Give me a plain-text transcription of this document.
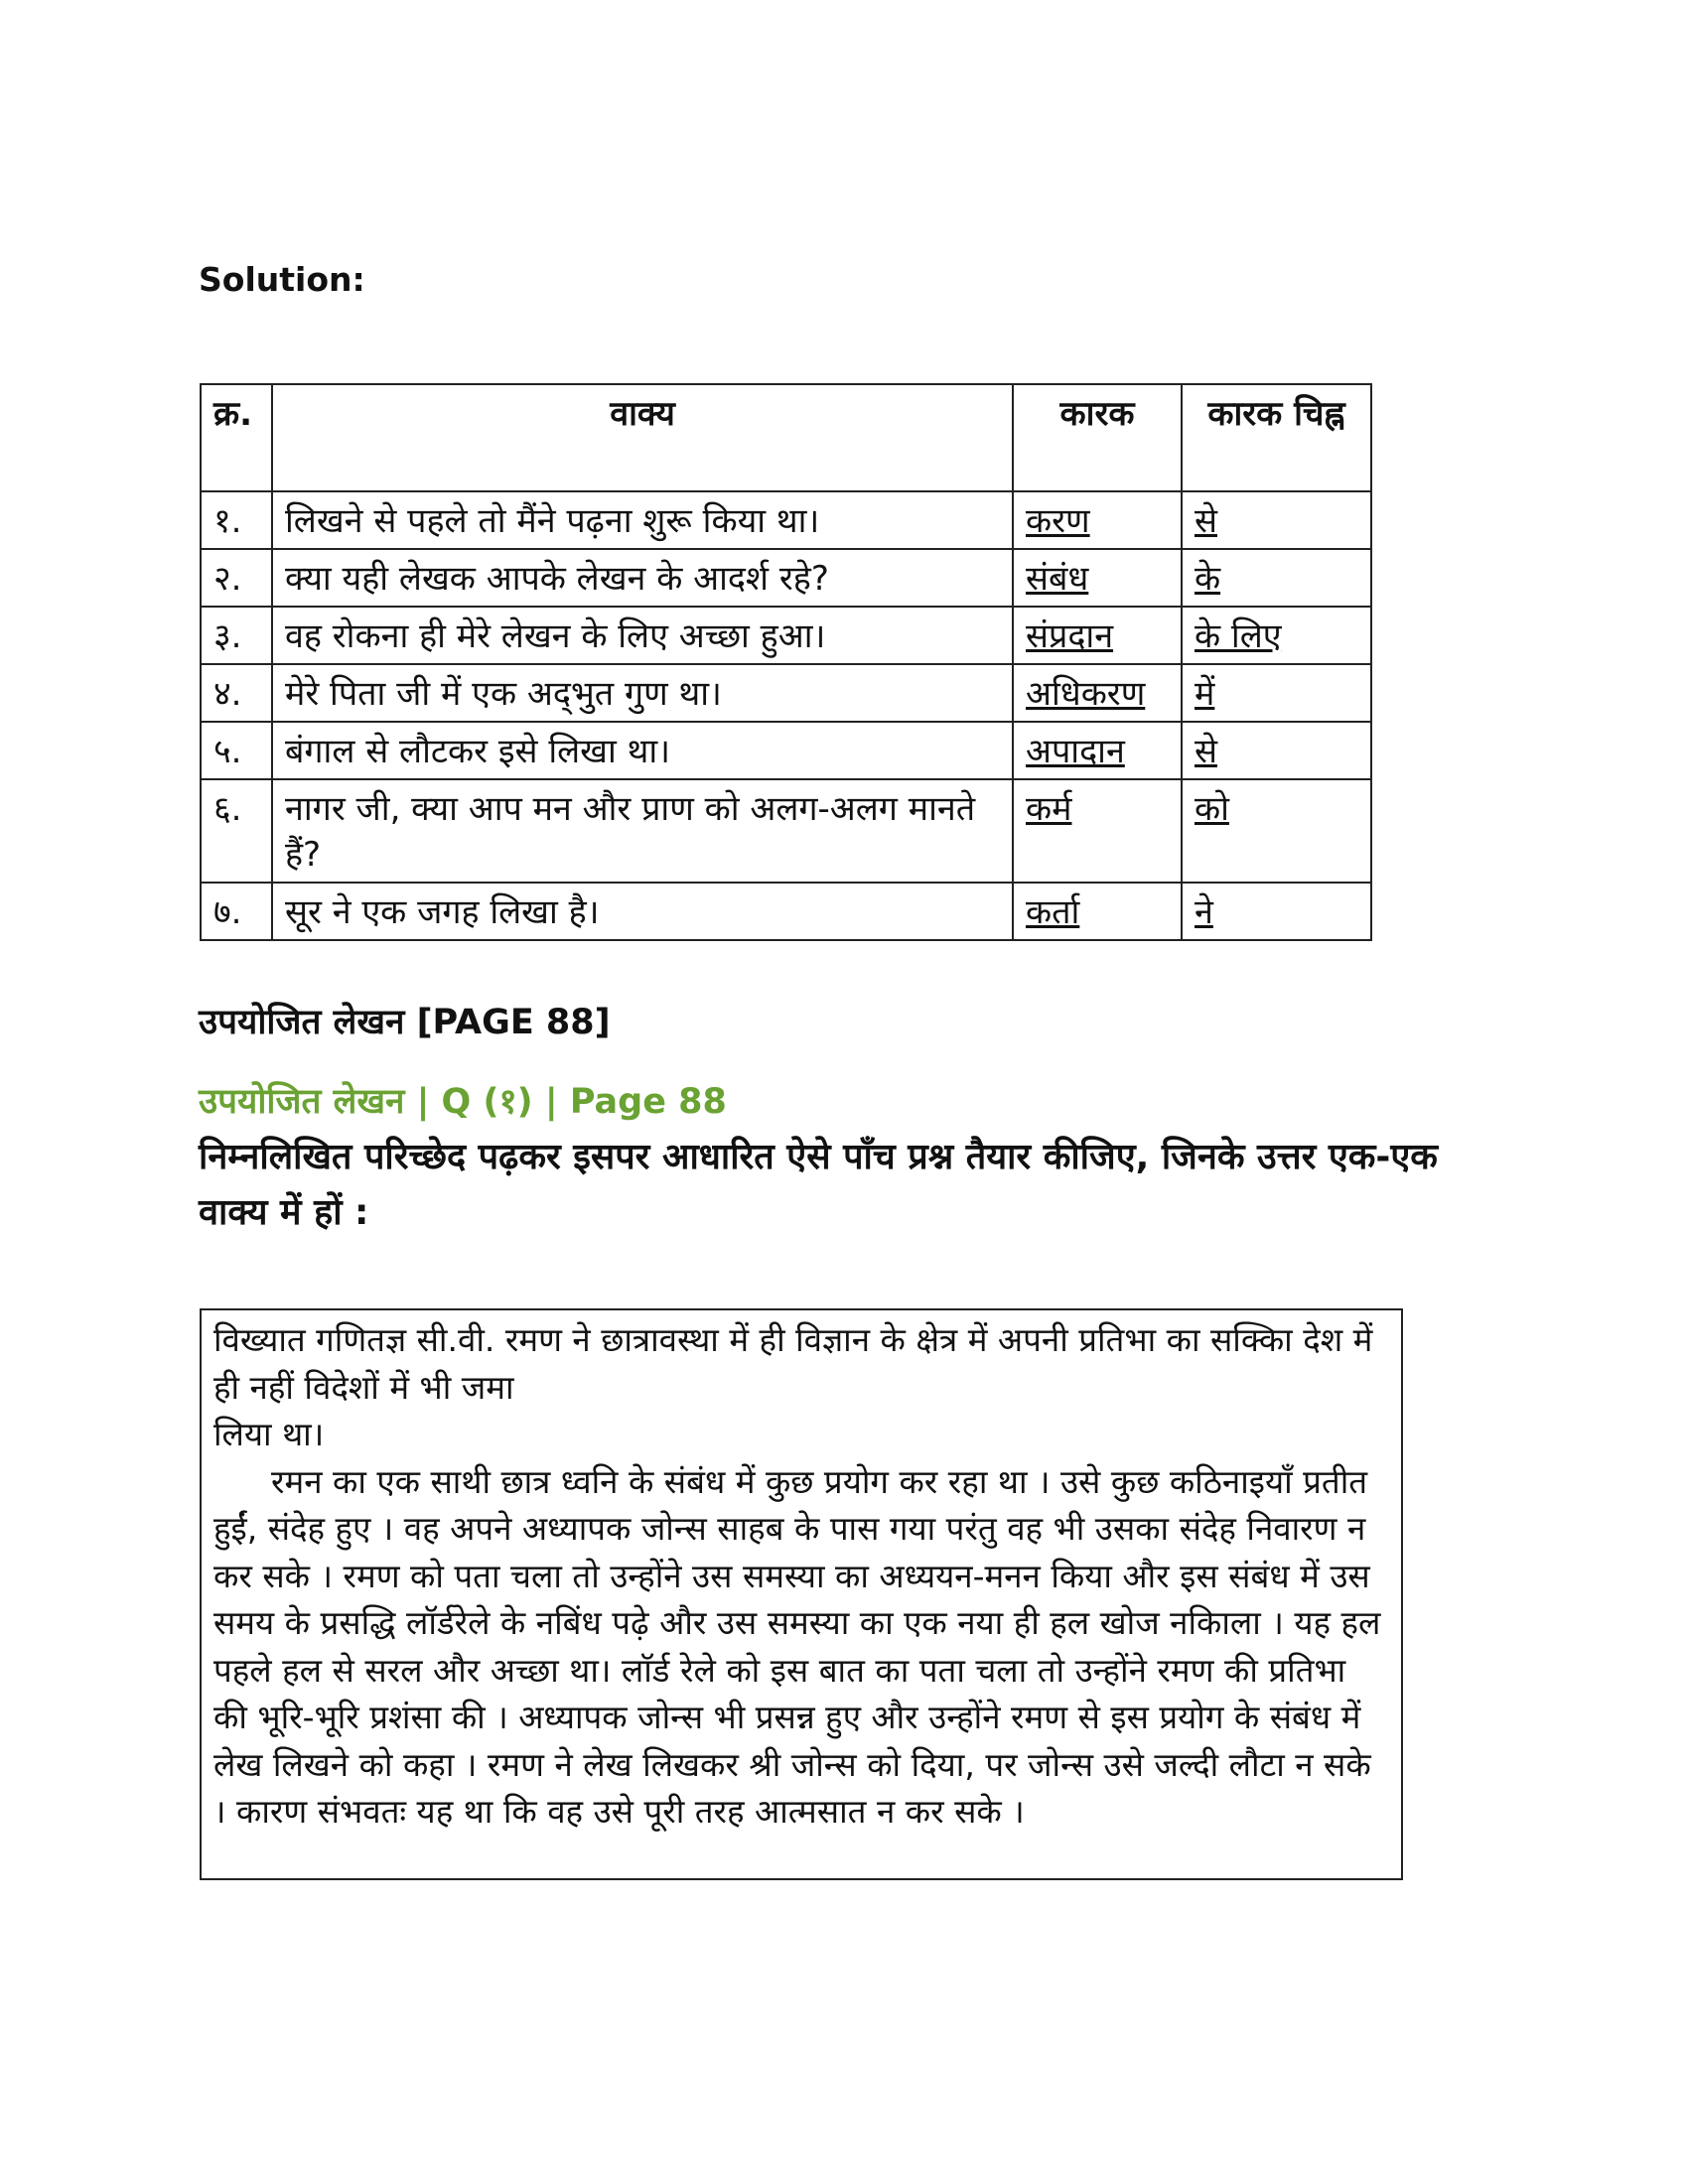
Solution:
क्र.	वाक्य	कारक	कारक चिह्न
१.	लिखने से पहले तो मैंने पढ़ना शुरू किया था।	करण	से
२.	क्या यही लेखक आपके लेखन के आदर्श रहे?	संबंध	के
३.	वह रोकना ही मेरे लेखन के लिए अच्छा हुआ।	संप्रदान	के लिए
४.	मेरे पिता जी में एक अद्‌भुत गुण था।	अधिकरण	में
५.	बंगाल से लौटकर इसे लिखा था।	अपादान	से
६.	नागर जी, क्या आप मन और प्राण को अलग-अलग मानते हैं?	कर्म	को
७.	सूर ने एक जगह लिखा है।	कर्ता	ने
उपयोजित लेखन [PAGE 88]
उपयोजित लेखन | Q (१) | Page 88
निम्नलिखित परिच्छेद पढ़कर इसपर आधारित ऐसे पाँच प्रश्न तैयार कीजिए, जिनके उत्तर एक-एक वाक्य में हों :

विख्यात गणितज्ञ सी.वी. रमण ने छात्रावस्था में ही विज्ञान के क्षेत्र में अपनी प्रतिभा का सक्किा देश में ही नहीं विदेशों में भी जमा

लिया था।

रमन का एक साथी छात्र ध्वनि के संबंध में कुछ प्रयोग कर रहा था । उसे कुछ कठिनाइयाँ प्रतीत हुईं, संदेह हुए । वह अपने अध्यापक जोन्स साहब के पास गया परंतु वह भी उसका संदेह निवारण न कर सके । रमण को पता चला तो उन्होंने उस समस्या का अध्ययन-मनन किया और इस संबंध में उस समय के प्रसद्धि लॉर्डरेले के नबिंध पढ़े और उस समस्या का एक नया ही हल खोज नकिाला । यह हल पहले हल से सरल और अच्छा था। लाॅर्ड रेले को इस बात का पता चला तो उन्होंने रमण की प्रतिभा की भूरि-भूरि प्रशंसा की । अध्यापक जोन्स भी प्रसन्न हुए और उन्होंने रमण से इस प्रयोग के संबंध में लेख लिखने को कहा । रमण ने लेख लिखकर श्री जोन्स को दिया, पर जोन्स उसे जल्दी लौटा न सके । कारण संभवतः यह था कि वह उसे पूरी तरह आत्मसात न कर सके ।
